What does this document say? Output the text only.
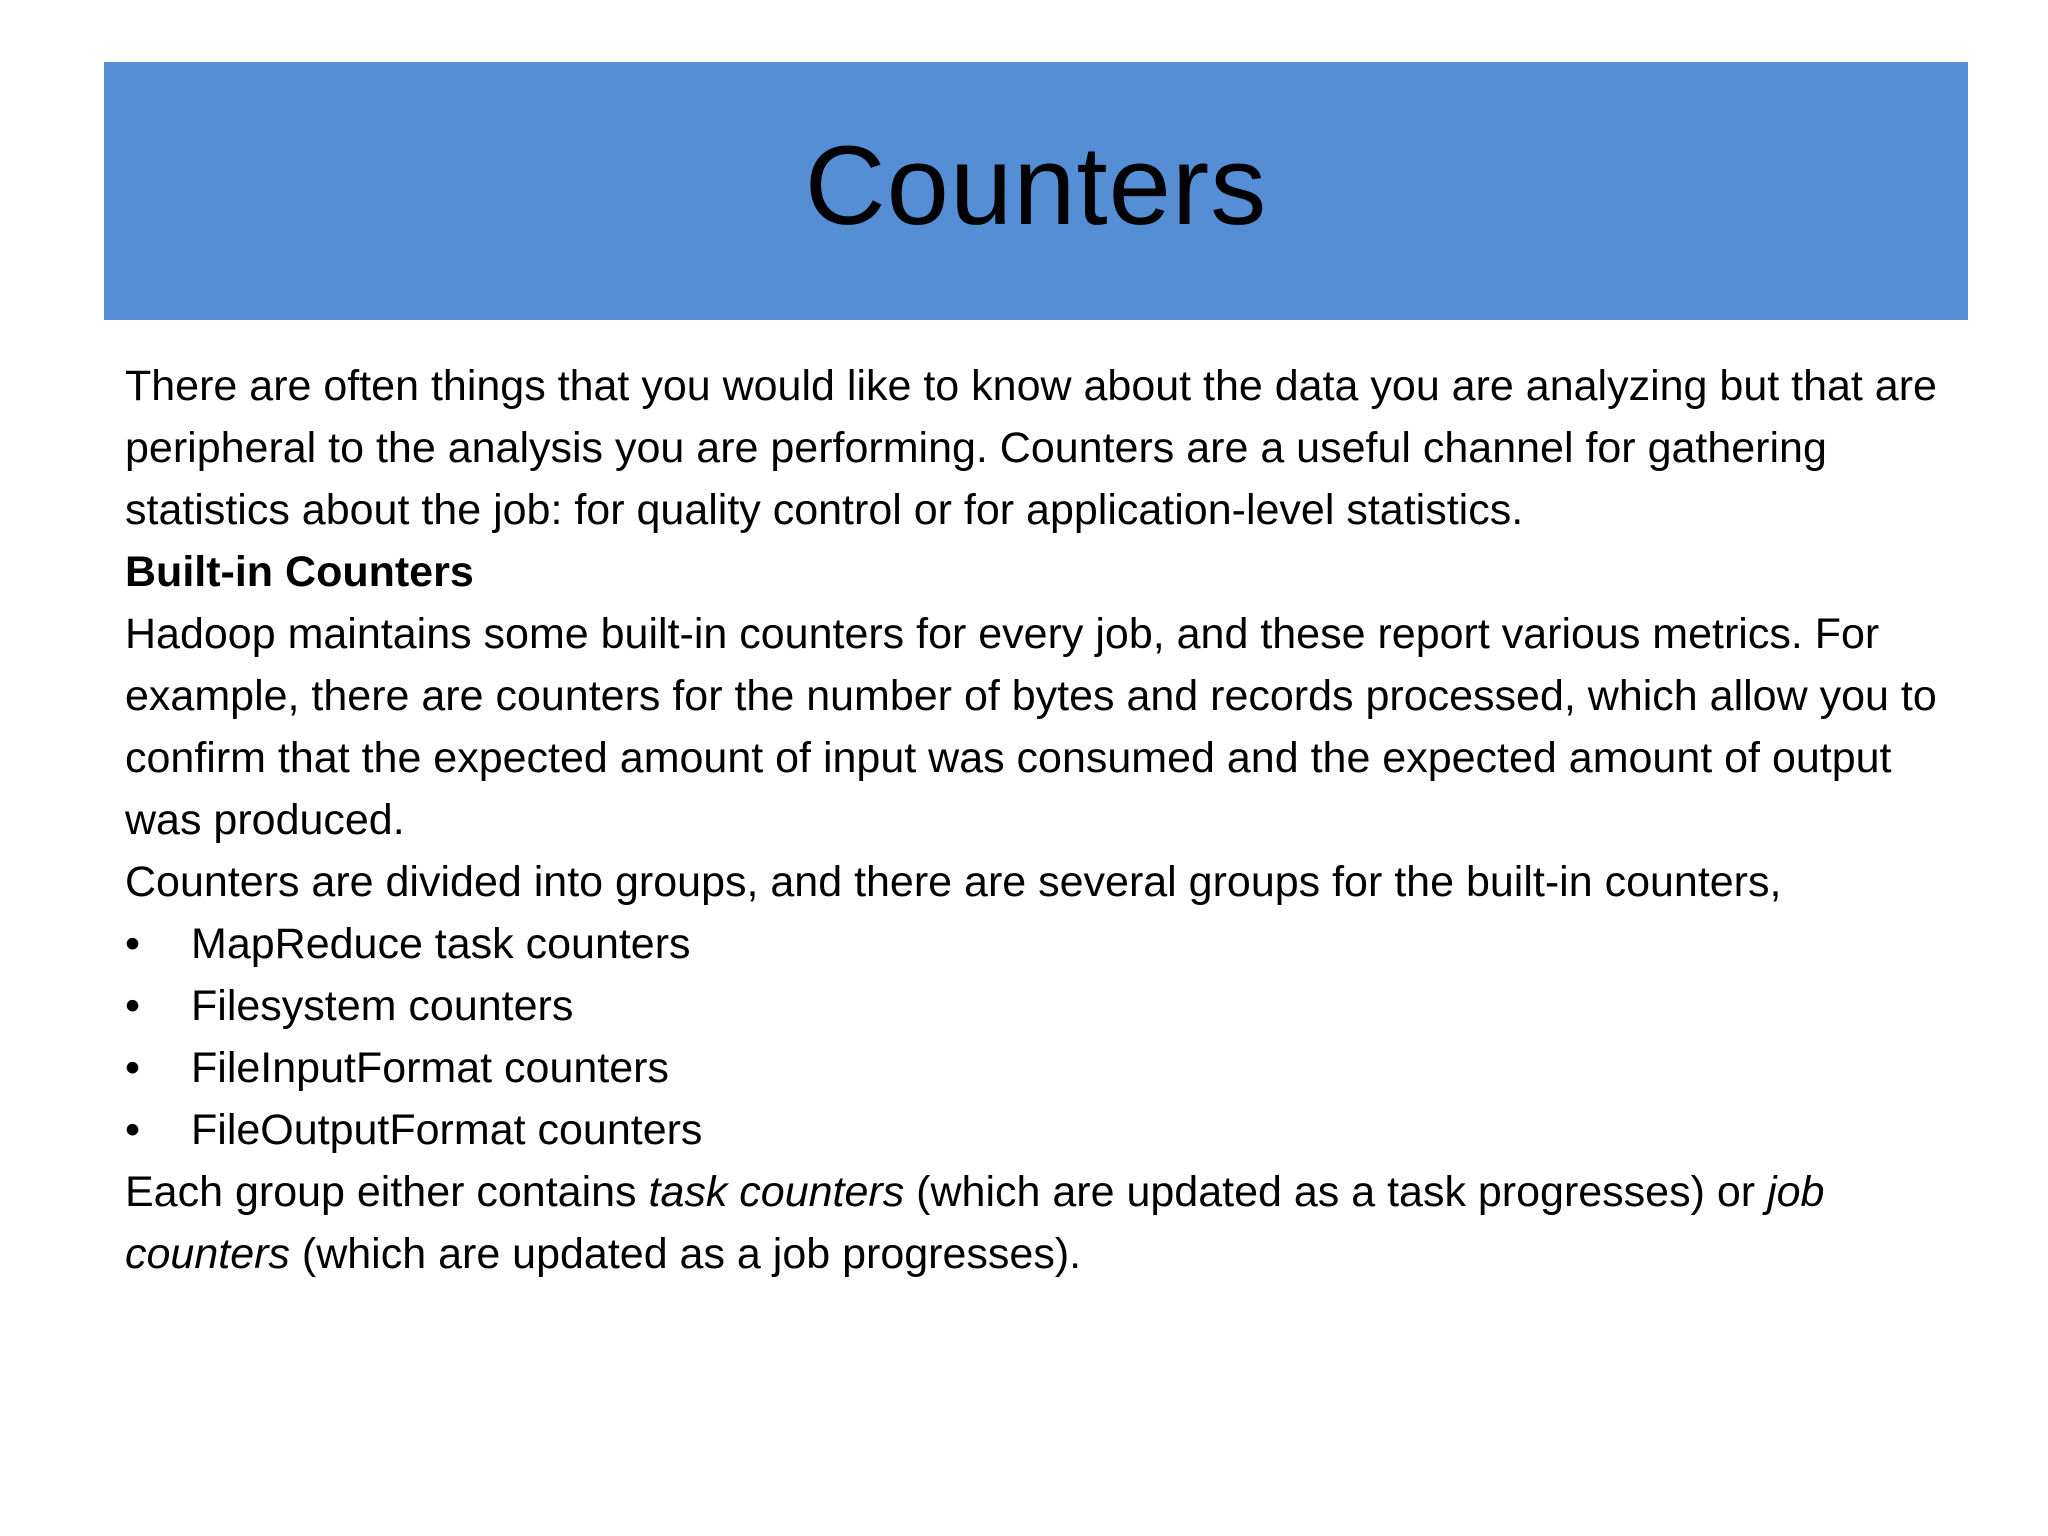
Counters

There are often things that you would like to know about the data you are analyzing but that are peripheral to the analysis you are performing. Counters are a useful channel for gathering statistics about the job: for quality control or for application-level statistics.

Built-in Counters

Hadoop maintains some built-in counters for every job, and these report various metrics. For example, there are counters for the number of bytes and records processed, which allow you to confirm that the expected amount of input was consumed and the expected amount of output was produced.

Counters are divided into groups, and there are several groups for the built-in counters,

•	MapReduce task counters
•	Filesystem counters
•	FileInputFormat counters
•	FileOutputFormat counters

Each group either contains task counters (which are updated as a task progresses) or job counters (which are updated as a job progresses).
